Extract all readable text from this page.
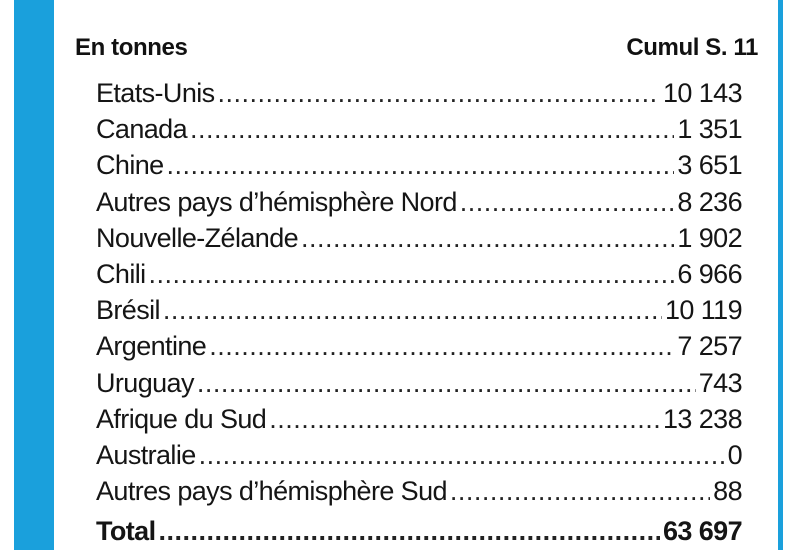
En tonnes	Cumul S. 11
Etats-Unis .....	10 143
Canada .....	1 351
Chine .....	3 651
Autres pays d’hémisphère Nord .....	8 236
Nouvelle-Zélande .....	1 902
Chili .....	6 966
Brésil .....	10 119
Argentine .....	7 257
Uruguay .....	743
Afrique du Sud .....	13 238
Australie .....	0
Autres pays d’hémisphère Sud .....	88
Total .....	63 697
